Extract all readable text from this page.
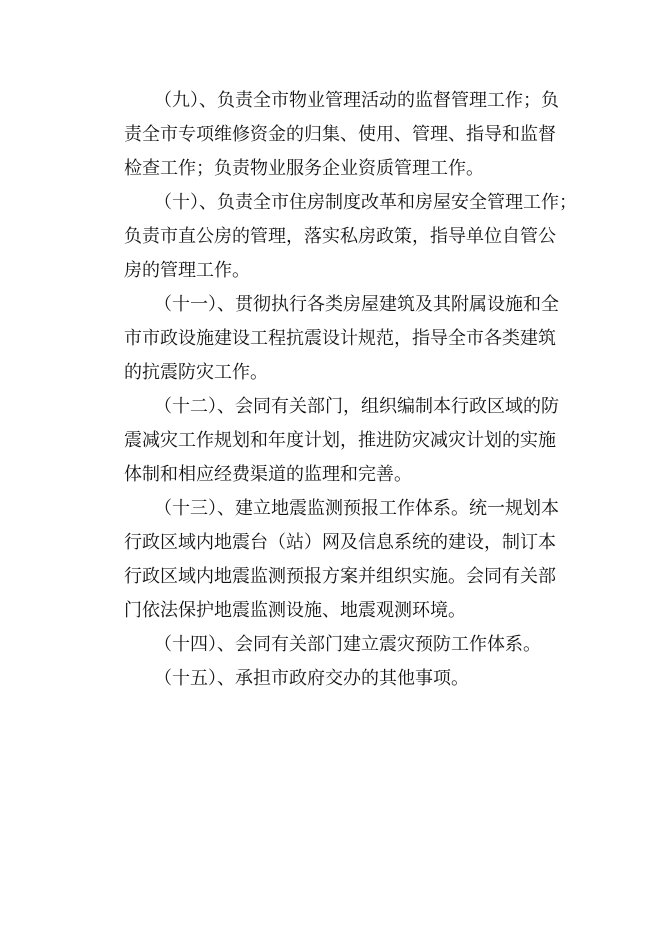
（九）、负责全市物业管理活动的监督管理工作；负
责全市专项维修资金的归集、使用、管理、指导和监督
检查工作；负责物业服务企业资质管理工作。
（十）、负责全市住房制度改革和房屋安全管理工作；
负责市直公房的管理，落实私房政策，指导单位自管公
房的管理工作。
（十一）、贯彻执行各类房屋建筑及其附属设施和全
市市政设施建设工程抗震设计规范，指导全市各类建筑
的抗震防灾工作。
（十二）、会同有关部门，组织编制本行政区域的防
震减灾工作规划和年度计划，推进防灾减灾计划的实施
体制和相应经费渠道的监理和完善。
（十三）、建立地震监测预报工作体系。统一规划本
行政区域内地震台（站）网及信息系统的建设，制订本
行政区域内地震监测预报方案并组织实施。会同有关部
门依法保护地震监测设施、地震观测环境。
（十四）、会同有关部门建立震灾预防工作体系。
（十五）、承担市政府交办的其他事项。
